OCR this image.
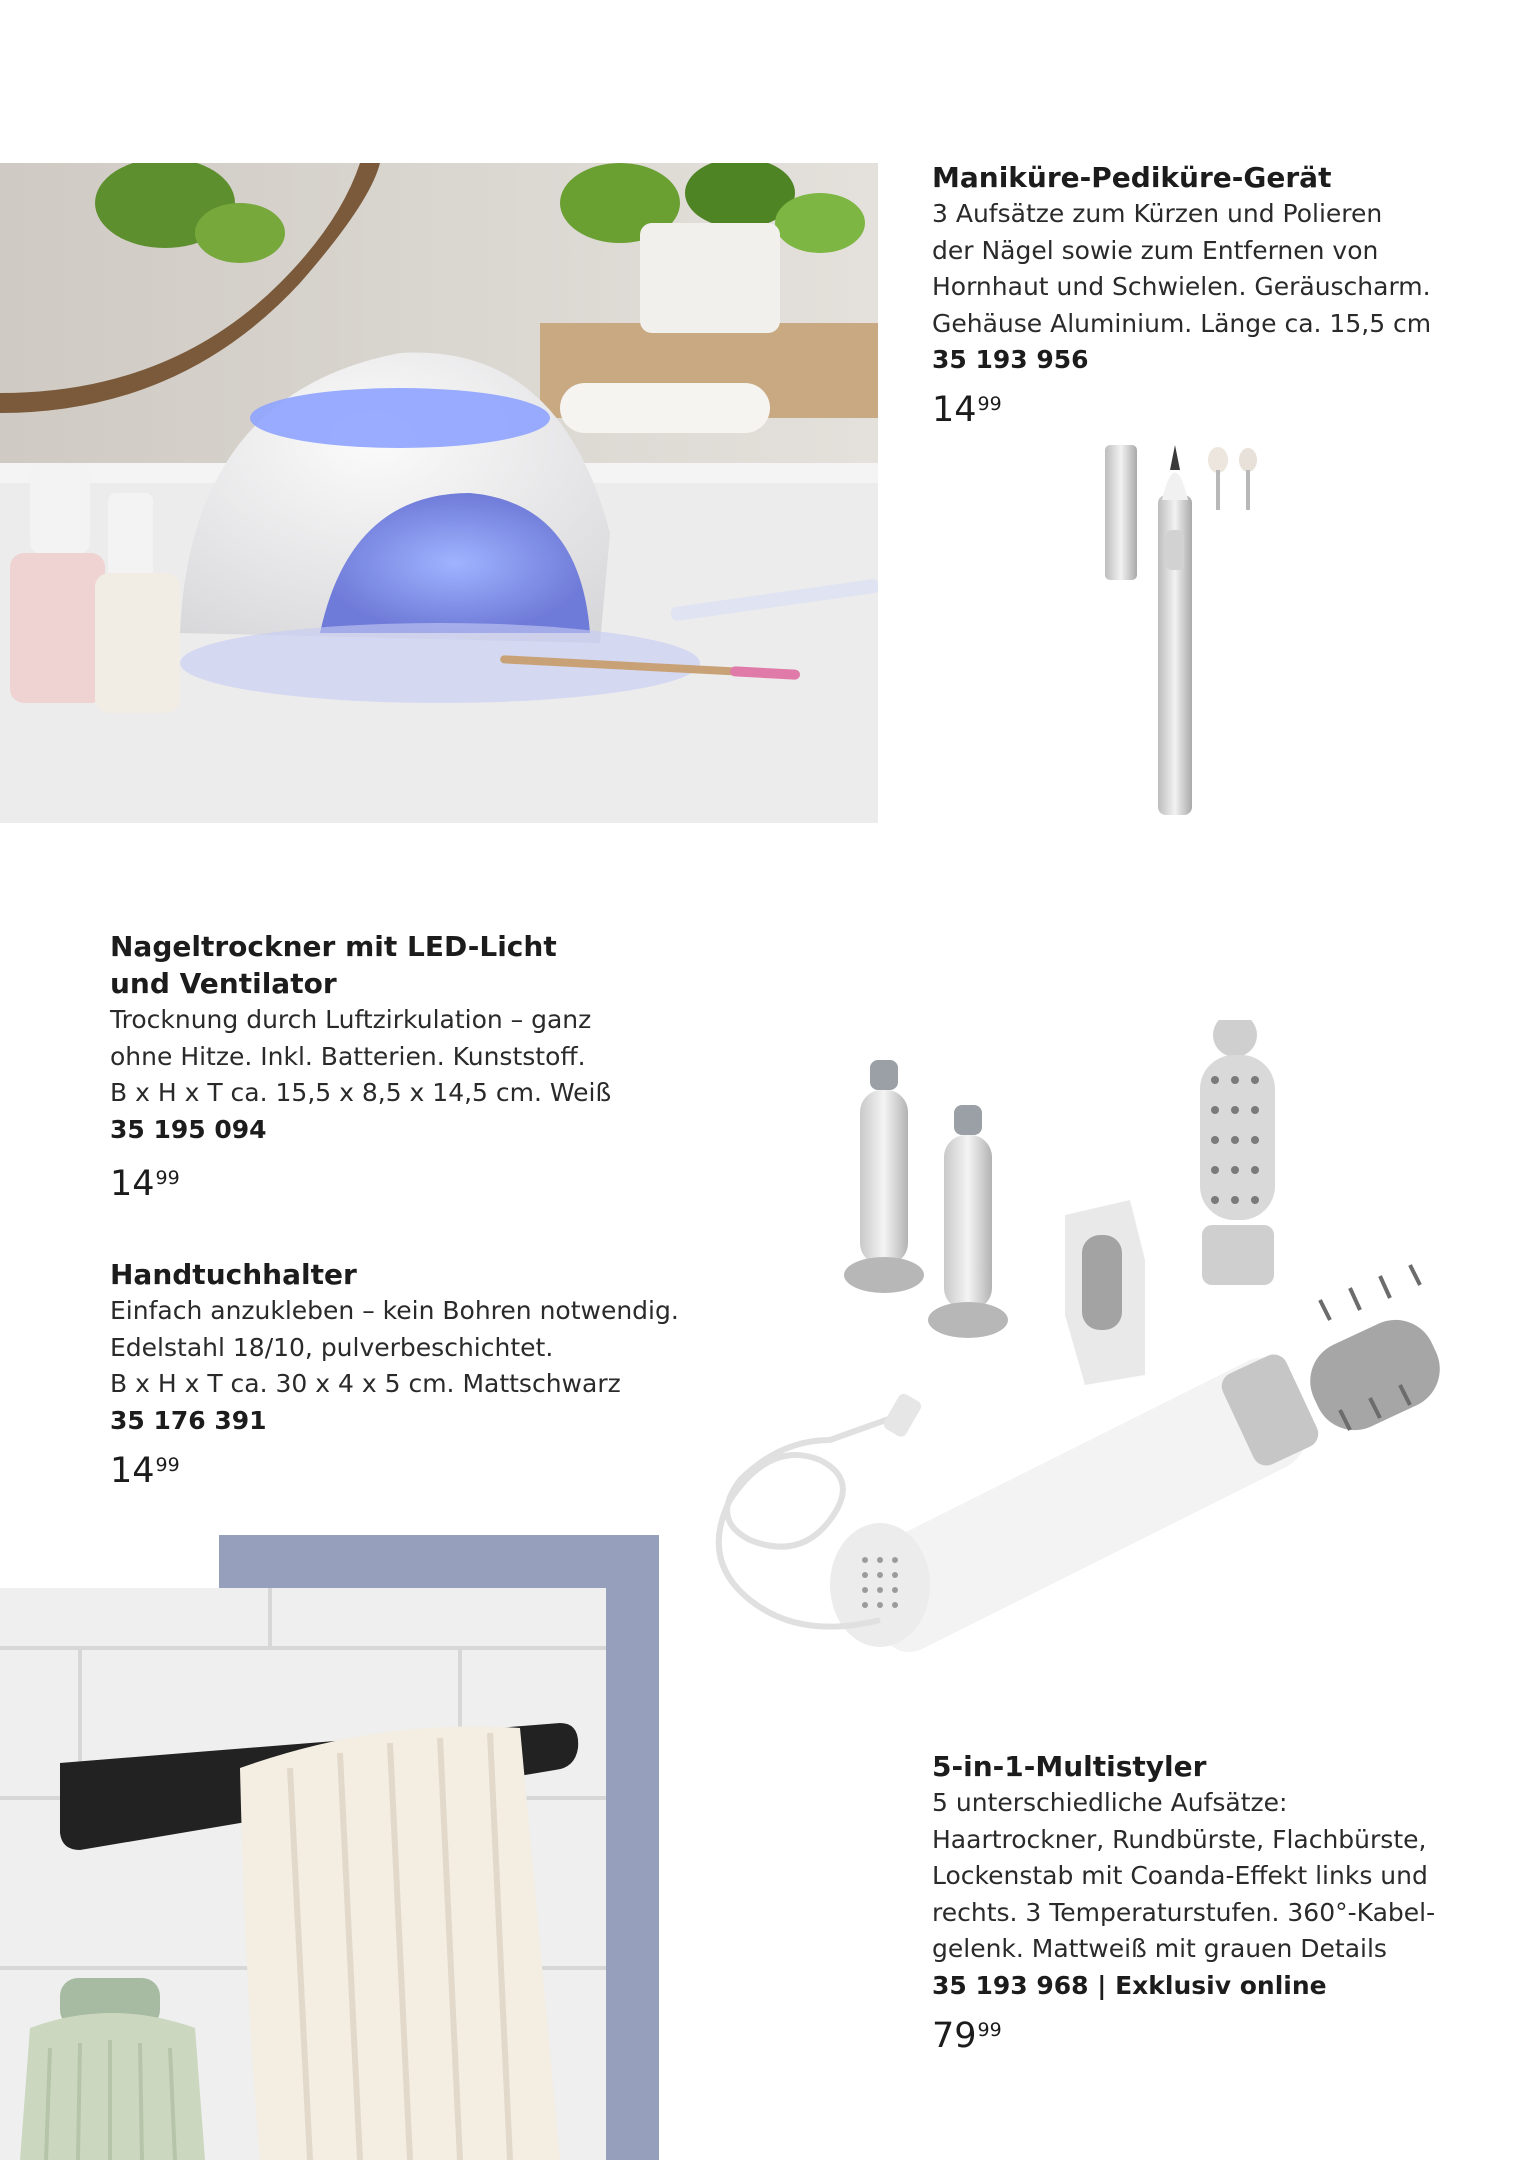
Maniküre-Pediküre-Gerät

3 Aufsätze zum Kürzen und Polieren
der Nägel sowie zum Entfernen von
Hornhaut und Schwielen. Geräuscharm.
Gehäuse Aluminium. Länge ca. 15,5 cm

35 193 956

$14^{99}$
Nageltrockner mit LED-Licht
und Ventilator

Trocknung durch Luftzirkulation – ganz
ohne Hitze. Inkl. Batterien. Kunststoff.
B x H x T ca. 15,5 x 8,5 x 14,5 cm. Weiß

35 195 094

$14^{99}$
Handtuchhalter

Einfach anzukleben – kein Bohren notwendig.
Edelstahl 18/10, pulverbeschichtet.
B x H x T ca. 30 x 4 x 5 cm. Mattschwarz

35 176 391

$14^{99}$
5-in-1-Multistyler

5 unterschiedliche Aufsätze:
Haartrockner, Rundbürste, Flachbürste,
Lockenstab mit Coanda-Effekt links und
rechts. 3 Temperaturstufen. 360°-Kabel-
gelenk. Mattweiß mit grauen Details

35 193 968 | Exklusiv online

$79^{99}$
